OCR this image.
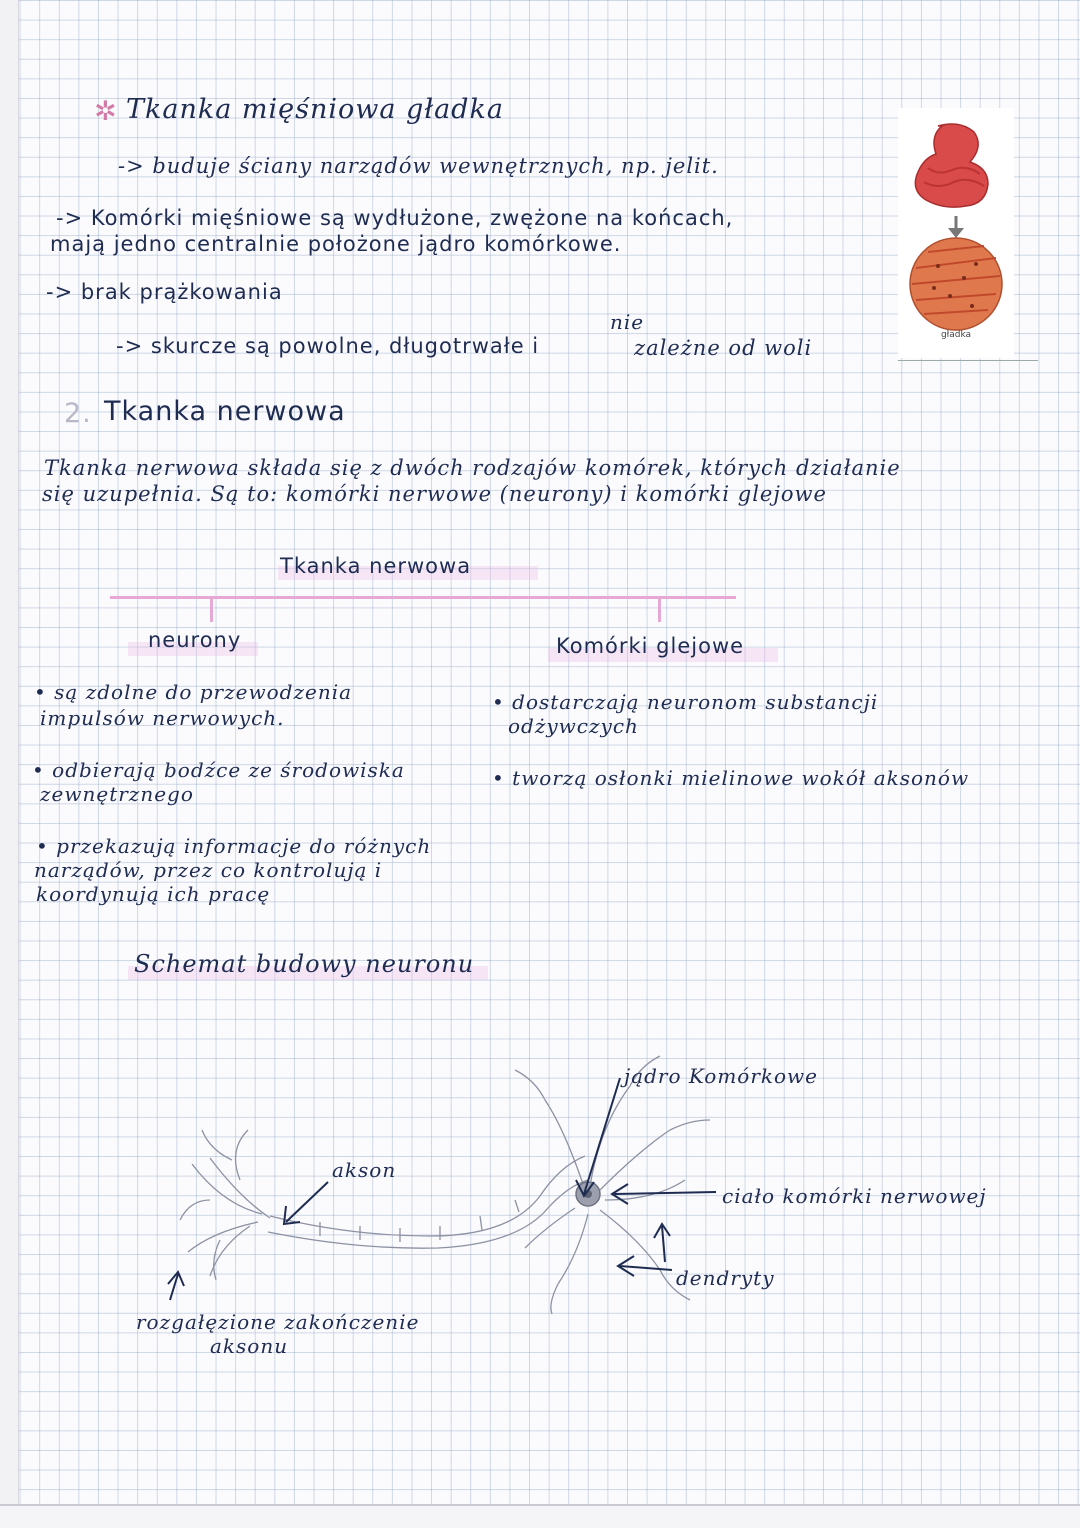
✲ Tkanka mięśniowa gładka
-> buduje ściany narządów wewnętrznych, np. jelit.
-> Komórki mięśniowe są wydłużone, zwężone na końcach,
mają jedno centralnie położone jądro komórkowe.
-> brak prążkowania
nie
-> skurcze są powolne, długotrwałe i	zależne od woli
gładka
2. Tkanka nerwowa
Tkanka nerwowa składa się z dwóch rodzajów komórek, których działanie
się uzupełnia. Są to: komórki nerwowe (neurony) i komórki glejowe
Tkanka nerwowa
neurony	Komórki glejowe
• są zdolne do przewodzenia
impulsów nerwowych.
• odbierają bodźce ze środowiska
zewnętrznego
• przekazują informacje do różnych
narządów, przez co kontrolują i
koordynują ich pracę
• dostarczają neuronom substancji
odżywczych
• tworzą osłonki mielinowe wokół aksonów
Schemat budowy neuronu
jądro Komórkowe
akson
ciało komórki nerwowej
dendryty
rozgałęzione zakończenie
aksonu
